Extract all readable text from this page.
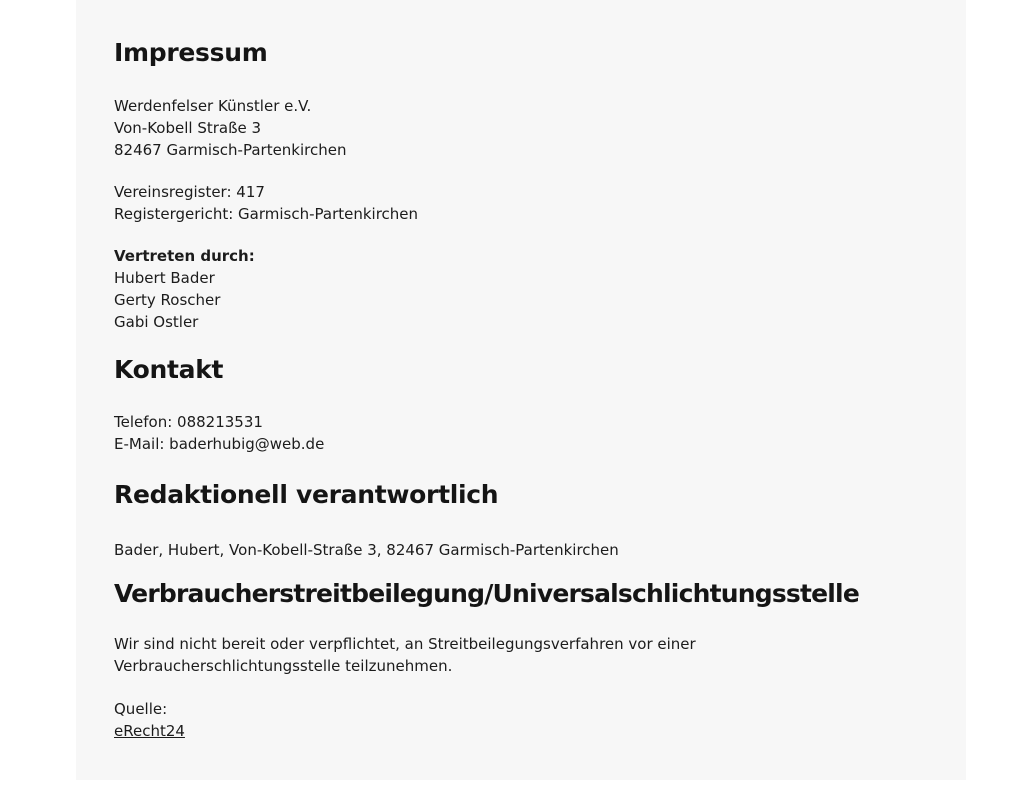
Impressum

Werdenfelser Künstler e.V.
Von-Kobell Straße 3
82467 Garmisch-Partenkirchen

Vereinsregister: 417
Registergericht: Garmisch-Partenkirchen

Vertreten durch:
Hubert Bader
Gerty Roscher
Gabi Ostler

Kontakt

Telefon: 088213531
E-Mail: baderhubig@web.de

Redaktionell verantwortlich

Bader, Hubert, Von-Kobell-Straße 3, 82467 Garmisch-Partenkirchen

Verbraucherstreitbeilegung/Universalschlichtungsstelle

Wir sind nicht bereit oder verpflichtet, an Streitbeilegungsverfahren vor einer
Verbraucherschlichtungsstelle teilzunehmen.

Quelle:
eRecht24
